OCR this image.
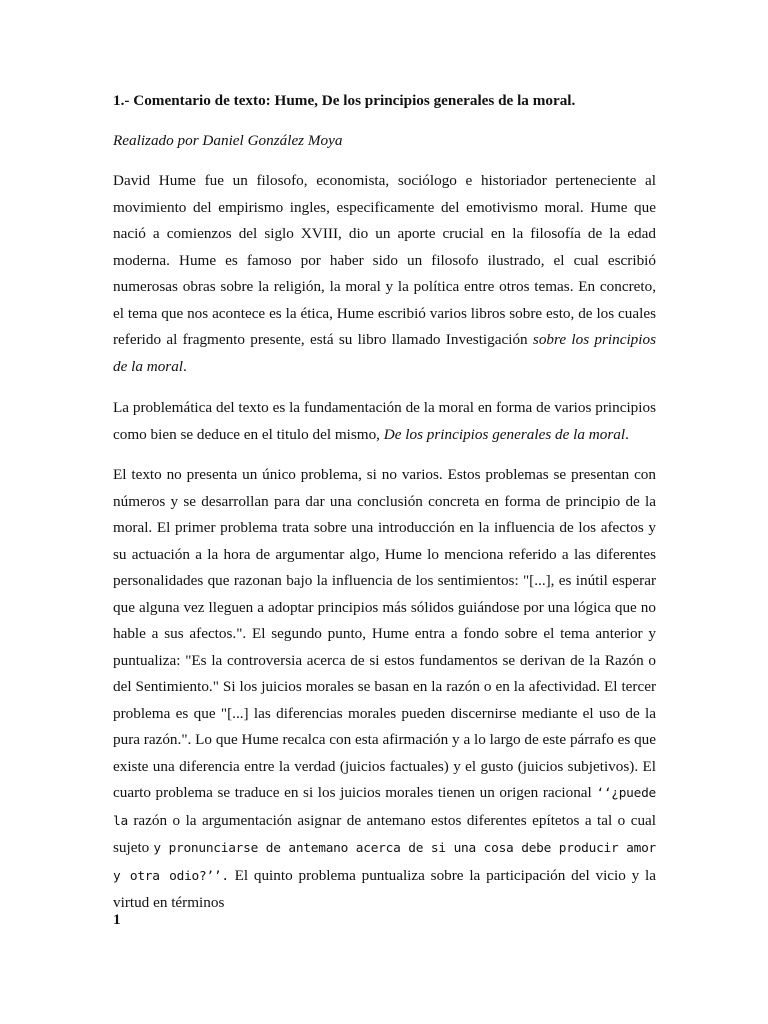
1.- Comentario de texto: Hume, De los principios generales de la moral.

Realizado por Daniel González Moya

David Hume fue un filosofo, economista, sociólogo e historiador perteneciente al movimiento del empirismo ingles, especificamente del emotivismo moral. Hume que nació a comienzos del siglo XVIII, dio un aporte crucial en la filosofía de la edad moderna. Hume es famoso por haber sido un filosofo ilustrado, el cual escribió numerosas obras sobre la religión, la moral y la política entre otros temas. En concreto, el tema que nos acontece es la ética, Hume escribió varios libros sobre esto, de los cuales referido al fragmento presente, está su libro llamado Investigación sobre los principios de la moral.

La problemática del texto es la fundamentación de la moral en forma de varios principios como bien se deduce en el titulo del mismo, De los principios generales de la moral.

El texto no presenta un único problema, si no varios. Estos problemas se presentan con números y se desarrollan para dar una conclusión concreta en forma de principio de la moral. El primer problema trata sobre una introducción en la influencia de los afectos y su actuación a la hora de argumentar algo, Hume lo menciona referido a las diferentes personalidades que razonan bajo la influencia de los sentimientos: "[...], es inútil esperar que alguna vez lleguen a adoptar principios más sólidos guiándose por una lógica que no hable a sus afectos.". El segundo punto, Hume entra a fondo sobre el tema anterior y puntualiza: "Es la controversia acerca de si estos fundamentos se derivan de la Razón o del Sentimiento." Si los juicios morales se basan en la razón o en la afectividad. El tercer problema es que "[...] las diferencias morales pueden discernirse mediante el uso de la pura razón.". Lo que Hume recalca con esta afirmación y a lo largo de este párrafo es que existe una diferencia entre la verdad (juicios factuales) y el gusto (juicios subjetivos). El cuarto problema se traduce en si los juicios morales tienen un origen racional ‘‘¿puede la razón o la argumentación asignar de antemano estos diferentes epítetos a tal o cual sujeto y pronunciarse de antemano acerca de si una cosa debe producir amor y otra odio?’’. El quinto problema puntualiza sobre la participación del vicio y la virtud en términos

1
